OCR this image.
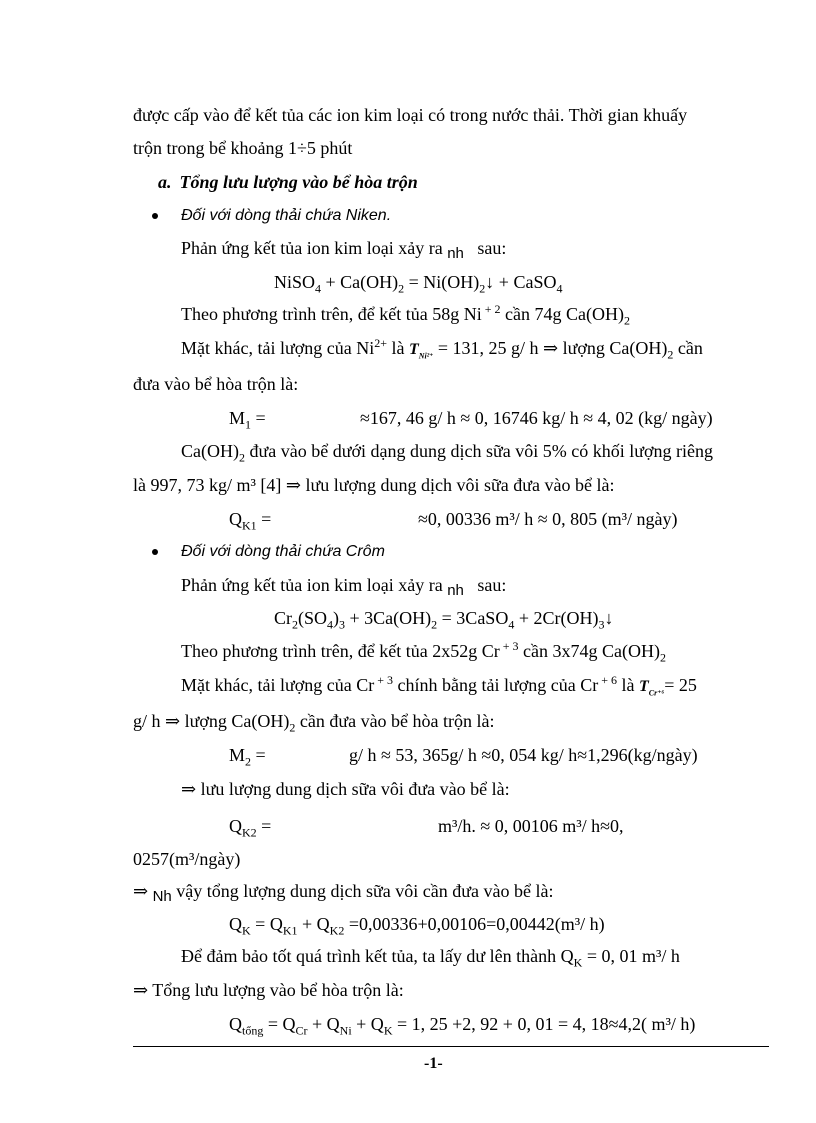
được cấp vào để kết tủa các ion kim loại có trong nước thải. Thời gian khuấy
trộn trong bể khoảng 1÷5 phút
a. Tổng lưu lượng vào bể hòa trộn
Đối với dòng thải chứa Niken.
Phản ứng kết tủa ion kim loại xảy ra $_{nh}$ sau:
NiSO$_4$ + $Ca(OH)_2$ = $Ni(OH)_2↓$ + CaSO$_4$
Theo phương trình trên, để kết tủa 58g Ni $^{+ 2}$ cần 74g $Ca(OH)_2$
Mặt khác, tải lượng của $Ni^{2+}$ là $T_{Ni^{2+}} = 131$, 25 g/ h ⇒ lượng $Ca(OH)_2$ cần
đưa vào bể hòa trộn là:
$M_1$ =	≈167, 46 g/ h ≈ 0, 16746 kg/ h ≈ 4, 02 (kg/ ngày)
$Ca(OH)_2$ đưa vào bể dưới dạng dung dịch sữa vôi 5% có khối lượng riêng
là 997, 73 kg/ m³ [4] ⇒ lưu lượng dung dịch vôi sữa đưa vào bể là:
$Q_{K1}$ =	≈0, 00336 m³/ h ≈ 0, 805 (m³/ ngày)
Đối với dòng thải chứa Crôm
Phản ứng kết tủa ion kim loại xảy ra $_{nh}$ sau:
$Cr_2(SO_4)_3 + 3Ca(OH)_2$ = 3CaSO$_4$ + $2Cr(OH)_3↓$
Theo phương trình trên, để kết tủa 2x52g Cr $^{+ 3}$ cần 3x74g $Ca(OH)_2$
Mặt khác, tải lượng của Cr $^{+ 3}$ chính bằng tải lượng của Cr $^{+ 6}$ là $T_{Cr^{+6}}= 25$
g/ h ⇒ lượng $Ca(OH)_2$ cần đưa vào bể hòa trộn là:
$M_2$ =	g/ h ≈ 53, 365g/ h ≈0, 054 kg/ h≈1,296(kg/ngày)
⇒ lưu lượng dung dịch sữa vôi đưa vào bể là:
$Q_{K2}$ =	m³/h. ≈ 0, 00106 m³/ h≈0,
0257(m³/ngày)
⇒ $_{Nh}$ vậy tổng lượng dung dịch sữa vôi cần đưa vào bể là:
$Q_K = Q_{K1} + Q_{K2} =0,00336+0,00106=0,00442(m^3/$ h)
Để đảm bảo tốt quá trình kết tủa, ta lấy dư lên thành $Q_K = 0$, 01 m³/ h
⇒ Tổng lưu lượng vào bể hòa trộn là:
$Q_{tổng} = Q_{Cr} + Q_{Ni} + Q_K = 1$, 25 +2, 92 + 0, 01 = 4, 18≈4,2( m³/ h)
-1-
